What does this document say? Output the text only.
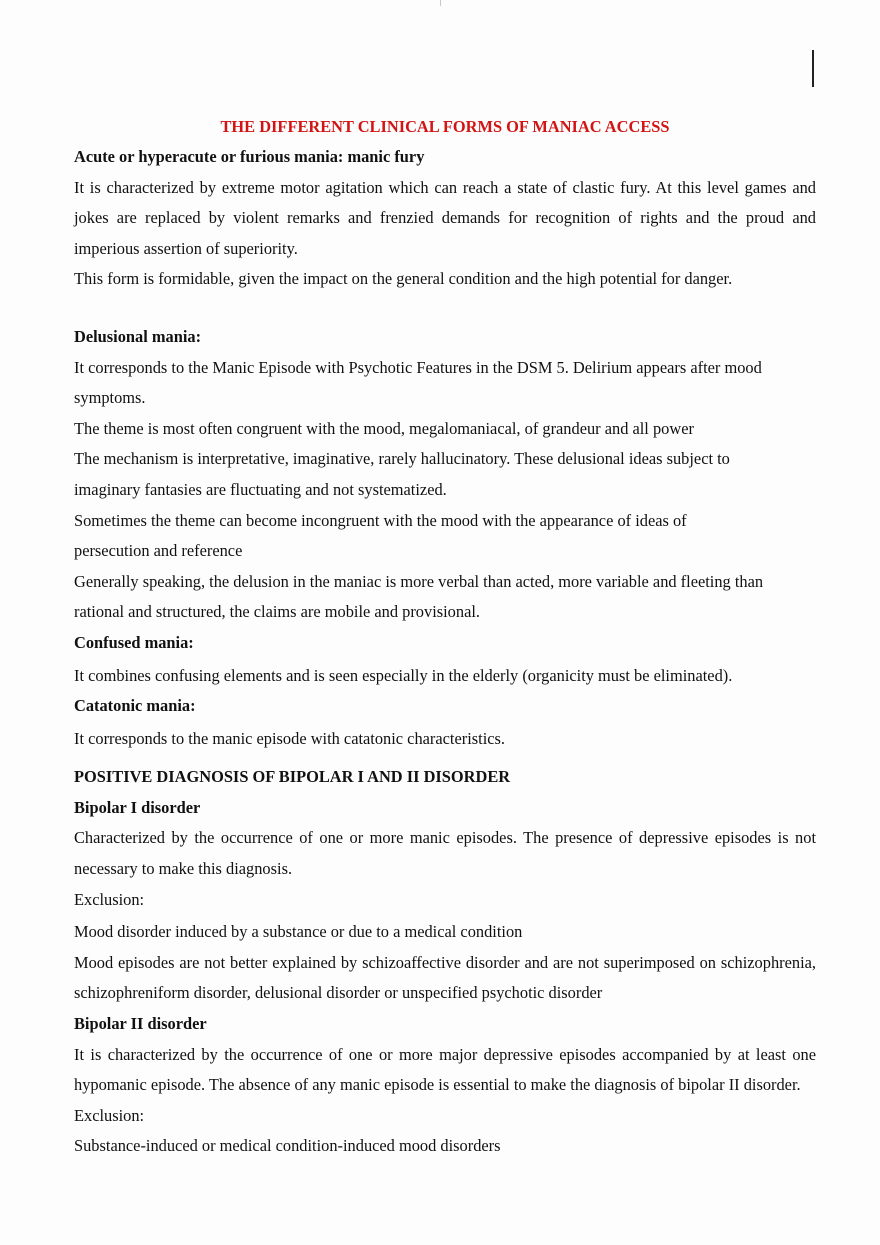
THE DIFFERENT CLINICAL FORMS OF MANIAC ACCESS

Acute or hyperacute or furious mania: manic fury

It is characterized by extreme motor agitation which can reach a state of clastic fury. At this level games and jokes are replaced by violent remarks and frenzied demands for recognition of rights and the proud and imperious assertion of superiority.

This form is formidable, given the impact on the general condition and the high potential for danger.

Delusional mania:

It corresponds to the Manic Episode with Psychotic Features in the DSM 5. Delirium appears after mood symptoms.

The theme is most often congruent with the mood, megalomaniacal, of grandeur and all power

The mechanism is interpretative, imaginative, rarely hallucinatory. These delusional ideas subject to imaginary fantasies are fluctuating and not systematized.

Sometimes the theme can become incongruent with the mood with the appearance of ideas of persecution and reference

Generally speaking, the delusion in the maniac is more verbal than acted, more variable and fleeting than rational and structured, the claims are mobile and provisional.

Confused mania:

It combines confusing elements and is seen especially in the elderly (organicity must be eliminated).

Catatonic mania:

It corresponds to the manic episode with catatonic characteristics.

POSITIVE DIAGNOSIS OF BIPOLAR I AND II DISORDER

Bipolar I disorder

Characterized by the occurrence of one or more manic episodes. The presence of depressive episodes is not necessary to make this diagnosis.

Exclusion:

Mood disorder induced by a substance or due to a medical condition

Mood episodes are not better explained by schizoaffective disorder and are not superimposed on schizophrenia, schizophreniform disorder, delusional disorder or unspecified psychotic disorder

Bipolar II disorder

It is characterized by the occurrence of one or more major depressive episodes accompanied by at least one hypomanic episode. The absence of any manic episode is essential to make the diagnosis of bipolar II disorder.

Exclusion:

Substance-induced or medical condition-induced mood disorders
